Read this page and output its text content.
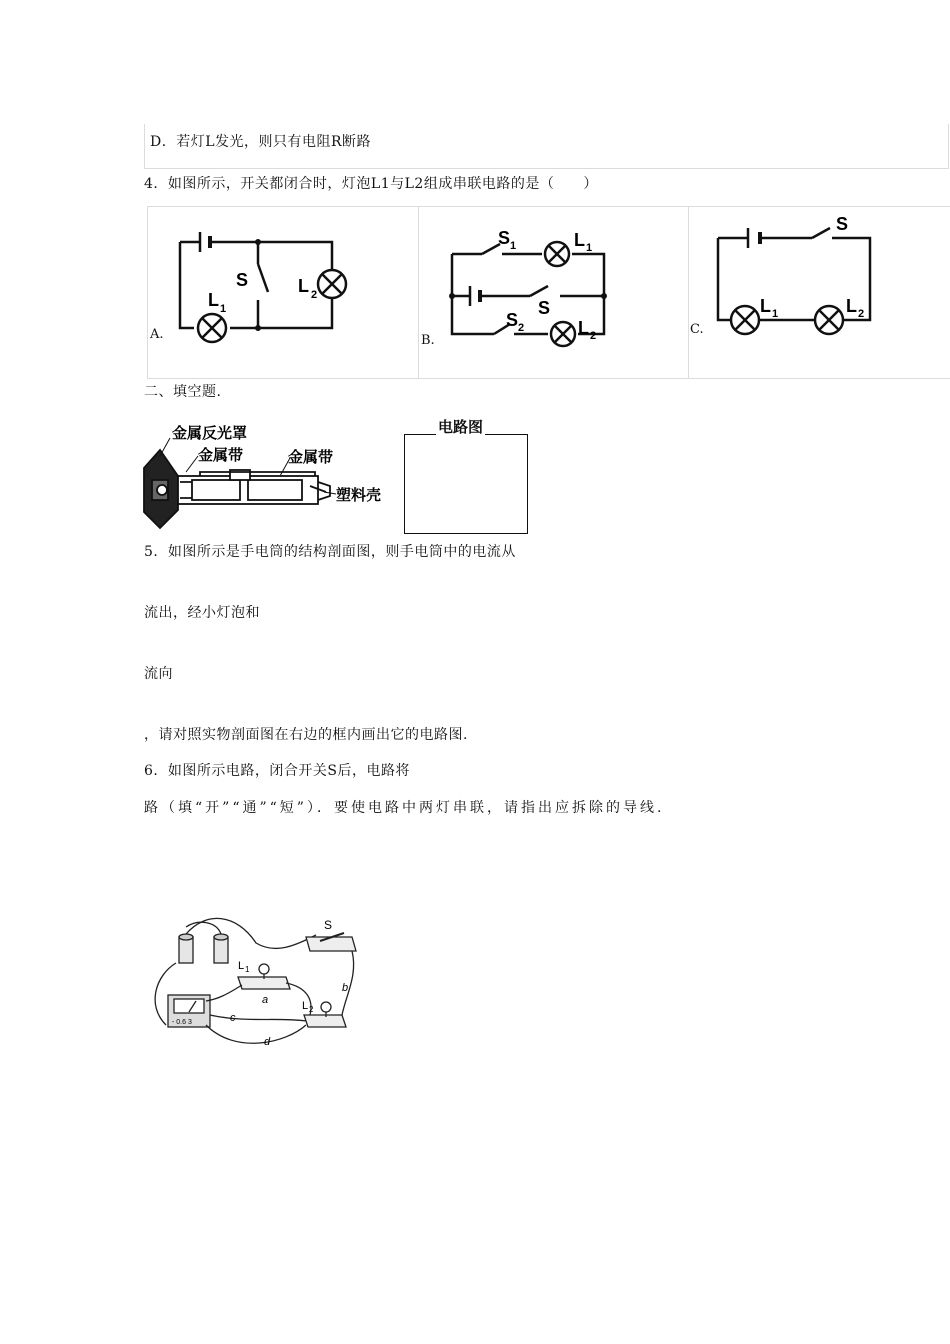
D．若灯L发光，则只有电阻R断路
4．如图所示，开关都闭合时，灯泡L1与L2组成串联电路的是（　　）
A.	B.
C.
S	L 2
L 1
S 1	L 1
S
S 2	L 2
S
L 1	L 2
二、填空题.
金属反光罩
金属带	金属带
塑料壳
电路图
5．如图所示是手电筒的结构剖面图，则手电筒中的电流从
流出，经小灯泡和
流向
，请对照实物剖面图在右边的框内画出它的电路图.
6．如图所示电路，闭合开关S后，电路将
路（填“开”“通”“短”）．要使电路中两灯串联，请指出应拆除的导线.
S
L 1
L 2
a
b
c
d
- 0.6 3
